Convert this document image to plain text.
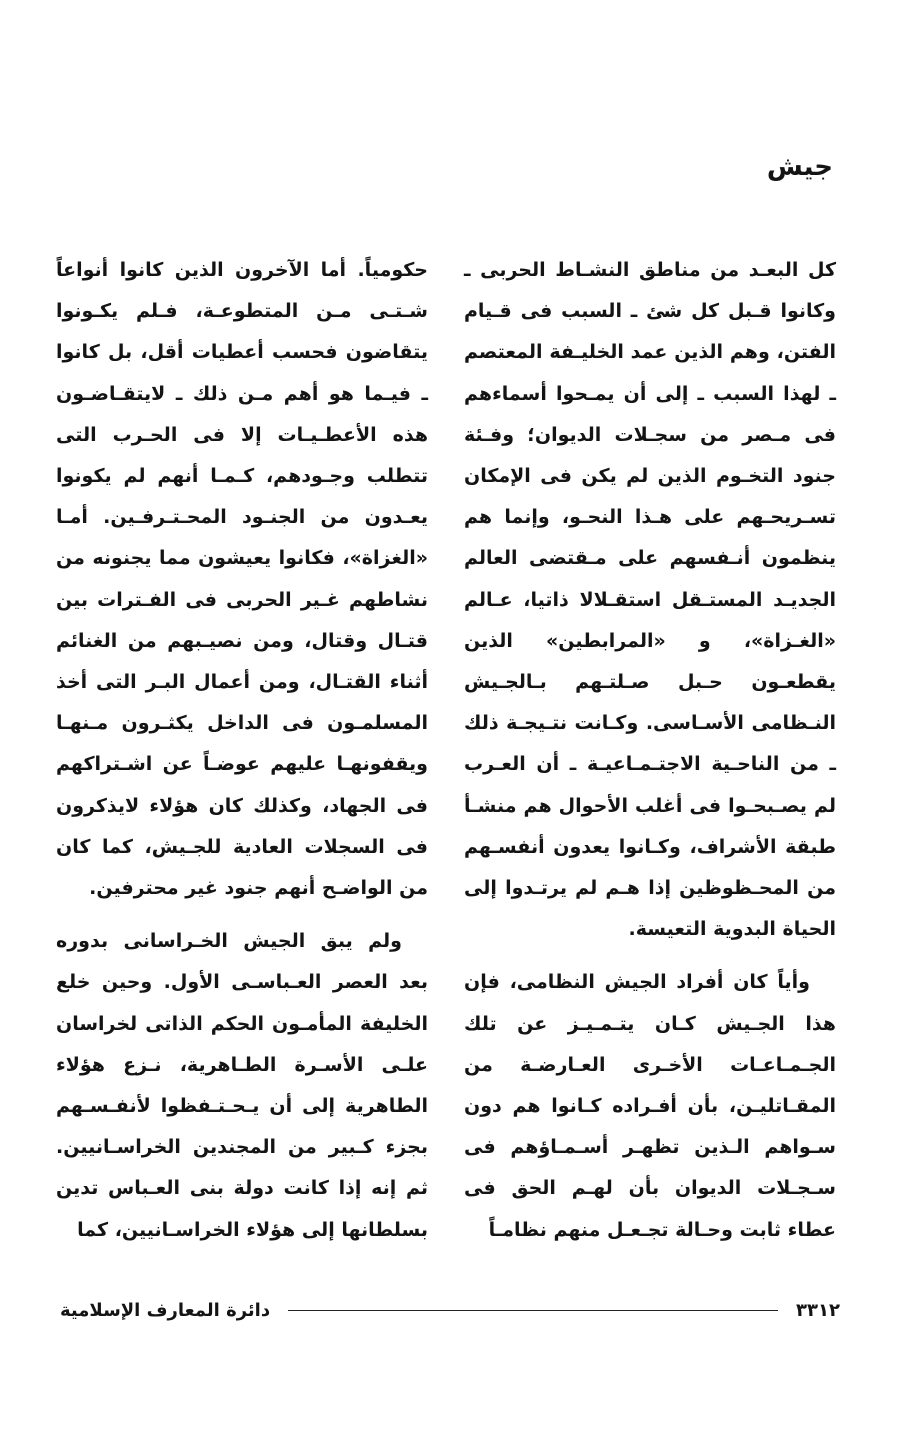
جيش

كل البعـد من مناطق النشـاط الحربى ـ وكانوا قـبل كل شئ ـ السبب فى قـيام الفتن، وهم الذين عمد الخليـفة المعتصم ـ لهذا السبب ـ إلى أن يمـحوا أسماءهم فى مـصر من سجـلات الديوان؛ وفـئة جنود التخـوم الذين لم يكن فى الإمكان تسـريحـهم على هـذا النحـو، وإنما هم ينظمون أنـفسهم على مـقتضى العالم الجديـد المستـقل استقـلالا ذاتيا، عـالم «الغـزاة»، و «المرابطين» الذين يقطعـون حـبل صـلتـهم بـالجـيش النـظامى الأسـاسى. وكـانت نتـيجـة ذلك ـ من الناحـية الاجتـمـاعيـة ـ أن العـرب لم يصـبحـوا فى أغلب الأحوال هم منشـأ طبقة الأشراف، وكـانوا يعدون أنفسـهم من المحـظوظين إذا هـم لم يرتـدوا إلى الحياة البدوية التعيسة.

وأياً كان أفراد الجيش النظامى، فإن هذا الجـيش كـان يتـمـيـز عن تلك الجـمـاعـات الأخـرى العـارضـة من المقـاتليـن، بأن أفـراده كـانوا هم دون سـواهم الـذين تظهـر أسـمـاؤهم فى سـجـلات الديوان بأن لهـم الحق فى عطاء ثابت وحـالة تجـعـل منهم نظامـاً

حكومياً. أما الآخرون الذين كانوا أنواعاً شـتـى مـن المتطوعـة، فـلم يكـونوا يتقاضون فحسب أعطيات أقل، بل كانوا ـ فيـما هو أهم مـن ذلك ـ لايتقـاضـون هذه الأعطـيـات إلا فى الحـرب التى تتطلب وجـودهم، كـمـا أنهم لم يكونوا يعـدون من الجنـود المحـتـرفـين. أمـا «الغزاة»، فكانوا يعيشون مما يجنونه من نشاطهم غـير الحربى فى الفـترات بين قتـال وقتال، ومن نصيـبهم من الغنائم أثناء القتـال، ومن أعمال البـر التى أخذ المسلمـون فى الداخل يكثـرون مـنهـا ويقفونهـا عليهم عوضـاً عن اشـتراكهم فى الجهاد، وكذلك كان هؤلاء لايذكرون فى السجلات العادية للجـيش، كما كان من الواضـح أنهم جنود غير محترفين.

ولم يبق الجيش الخـراسانى بدوره بعد العصر العـباسـى الأول. وحين خلع الخليفة المأمـون الحكم الذاتى لخراسان علـى الأسـرة الطـاهرية، نـزع هؤلاء الطاهرية إلى أن يـحـتـفظوا لأنفـسـهم بجزء كـبير من المجندين الخراسـانيين. ثم إنه إذا كانت دولة بنى العـباس تدين بسلطانها إلى هؤلاء الخراسـانيين، كما

٣٣١٢
دائرة المعارف الإسلامية
